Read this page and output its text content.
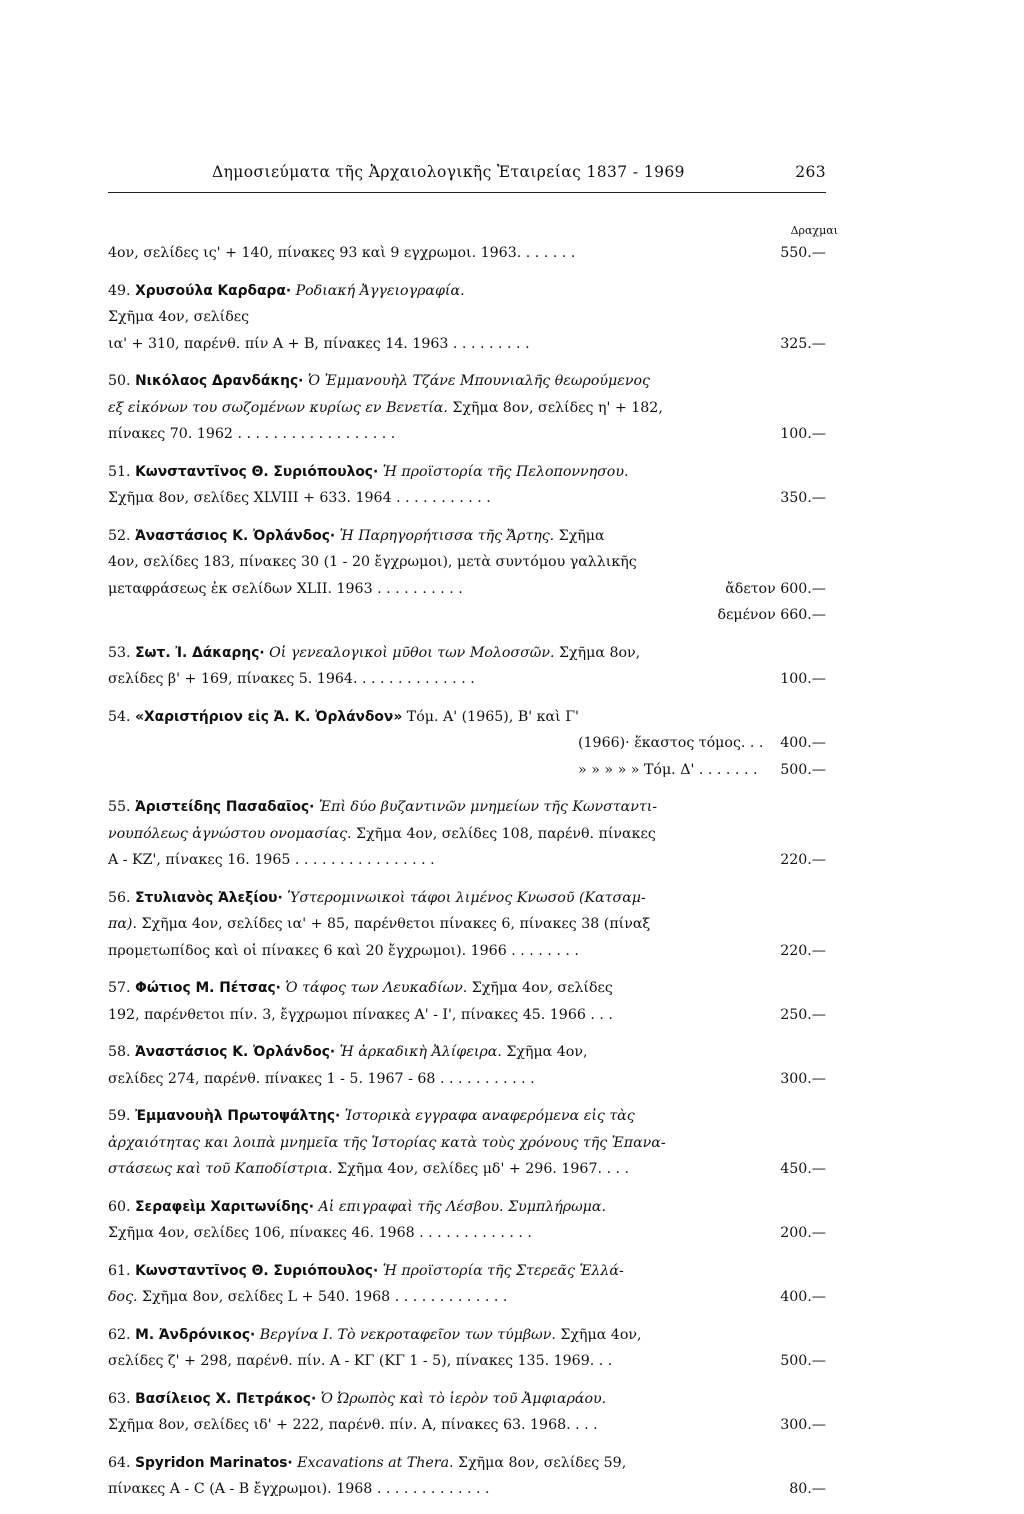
Δημοσιεύματα τῆς Ἀρχαιολογικῆς Ἑταιρείας 1837 - 1969	263
Δραχμαι
4ον, σελίδες ις' + 140, πίνακες 93 καὶ 9 εγχρωμοι. 1963. . . . . . .	550.—
49. Χρυσούλα Καρδαρα· Ροδιακή Ἀγγειογραφία.
Σχῆμα 4ον, σελίδες
ια' + 310, παρένθ. πίν Α + Β, πίνακες 14. 1963 . . . . . . . . .	325.—
50. Νικόλαος Δρανδάκης· Ὁ Ἐμμανουὴλ Τζάνε Μπουνιαλῆς θεωρούμενος
εξ εἰκόνων του σωζομένων κυρίως εν Βενετία. Σχῆμα 8ον, σελίδες η' + 182,
πίνακες 70. 1962 . . . . . . . . . . . . . . . . . .	100.—
51. Κωνσταντῖνος Θ. Συριόπουλος· Ἡ προϊστορία τῆς Πελοποννησου.
Σχῆμα 8ον, σελίδες XLVIII + 633. 1964 . . . . . . . . . . .	350.—
52. Ἀναστάσιος Κ. Ὀρλάνδος· Ἡ Παρηγορήτισσα τῆς Ἄρτης. Σχῆμα
4ον, σελίδες 183, πίνακες 30 (1 - 20 ἔγχρωμοι), μετὰ συντόμου γαλλικῆς
μεταφράσεως ἐκ σελίδων XLII. 1963 . . . . . . . . . .	ἄδετον 600.—
δεμένον 660.—
53. Σωτ. Ἰ. Δάκαρης· Οἱ γενεαλογικοὶ μῦθοι των Μολοσσῶν. Σχῆμα 8ον,
σελίδες β' + 169, πίνακες 5. 1964. . . . . . . . . . . . . .	100.—
54. «Χαριστήριον εἰς Ἀ. Κ. Ὀρλάνδον» Τόμ. Α' (1965), Β' καὶ Γ'
(1966)· ἕκαστος τόμος. . . 400.—
» » » » » Τόμ. Δ' . . . . . . . 500.—
55. Ἀριστείδης Πασαδαῖος· Ἐπὶ δύο βυζαντινῶν μνημείων τῆς Κωνσταντι-
νουπόλεως ἀγνώστου ονομασίας. Σχῆμα 4ον, σελίδες 108, παρένθ. πίνακες
Α - ΚΖ', πίνακες 16. 1965 . . . . . . . . . . . . . . . .	220.—
56. Στυλιανὸς Ἀλεξίου· Ὑστερομινωικοὶ τάφοι λιμένος Κνωσοῦ (Κατσαμ-
πα). Σχῆμα 4ον, σελίδες ια' + 85, παρένθετοι πίνακες 6, πίνακες 38 (πίναξ
προμετωπίδος καὶ οἱ πίνακες 6 καὶ 20 ἔγχρωμοι). 1966 . . . . . . . .	220.—
57. Φώτιος Μ. Πέτσας· Ὁ τάφος των Λευκαδίων. Σχῆμα 4ον, σελίδες
192, παρένθετοι πίν. 3, ἔγχρωμοι πίνακες Α' - Ι', πίνακες 45. 1966 . . .	250.—
58. Ἀναστάσιος Κ. Ὀρλάνδος· Ἡ ἀρκαδικὴ Ἀλίφειρα. Σχῆμα 4ον,
σελίδες 274, παρένθ. πίνακες 1 - 5. 1967 - 68 . . . . . . . . . . .	300.—
59. Ἐμμανουὴλ Πρωτοψάλτης· Ἱστορικὰ εγγραφα αναφερόμενα εἰς τὰς
ἀρχαιότητας και λοιπὰ μνημεῖα τῆς Ἱστορίας κατὰ τοὺς χρόνους τῆς Ἐπανα-
στάσεως καὶ τοῦ Καποδίστρια. Σχῆμα 4ον, σελίδες μδ' + 296. 1967. . . .	450.—
60. Σεραφεὶμ Χαριτωνίδης· Αἱ επιγραφαὶ τῆς Λέσβου. Συμπλήρωμα.
Σχῆμα 4ον, σελίδες 106, πίνακες 46. 1968 . . . . . . . . . . . . .	200.—
61. Κωνσταντῖνος Θ. Συριόπουλος· Ἡ προϊστορία τῆς Στερεᾶς Ἑλλά-
δος. Σχῆμα 8ον, σελίδες L + 540. 1968 . . . . . . . . . . . . .	400.—
62. Μ. Ἀνδρόνικος· Βεργίνα Ι. Τὸ νεκροταφεῖον των τύμβων. Σχῆμα 4ον,
σελίδες ζ' + 298, παρένθ. πίν. Α - ΚΓ (ΚΓ 1 - 5), πίνακες 135. 1969. . .	500.—
63. Βασίλειος Χ. Πετράκος· Ὁ Ὠρωπὸς καὶ τὸ ἱερὸν τοῦ Ἀμφιαράου.
Σχῆμα 8ον, σελίδες ιδ' + 222, παρένθ. πίν. Α, πίνακες 63. 1968. . . .	300.—
64. Spyridon Marinatos· Excavations at Thera. Σχῆμα 8ον, σελίδες 59,
πίνακες Α - C (Α - Β ἔγχρωμοι). 1968 . . . . . . . . . . . . .	80.—
